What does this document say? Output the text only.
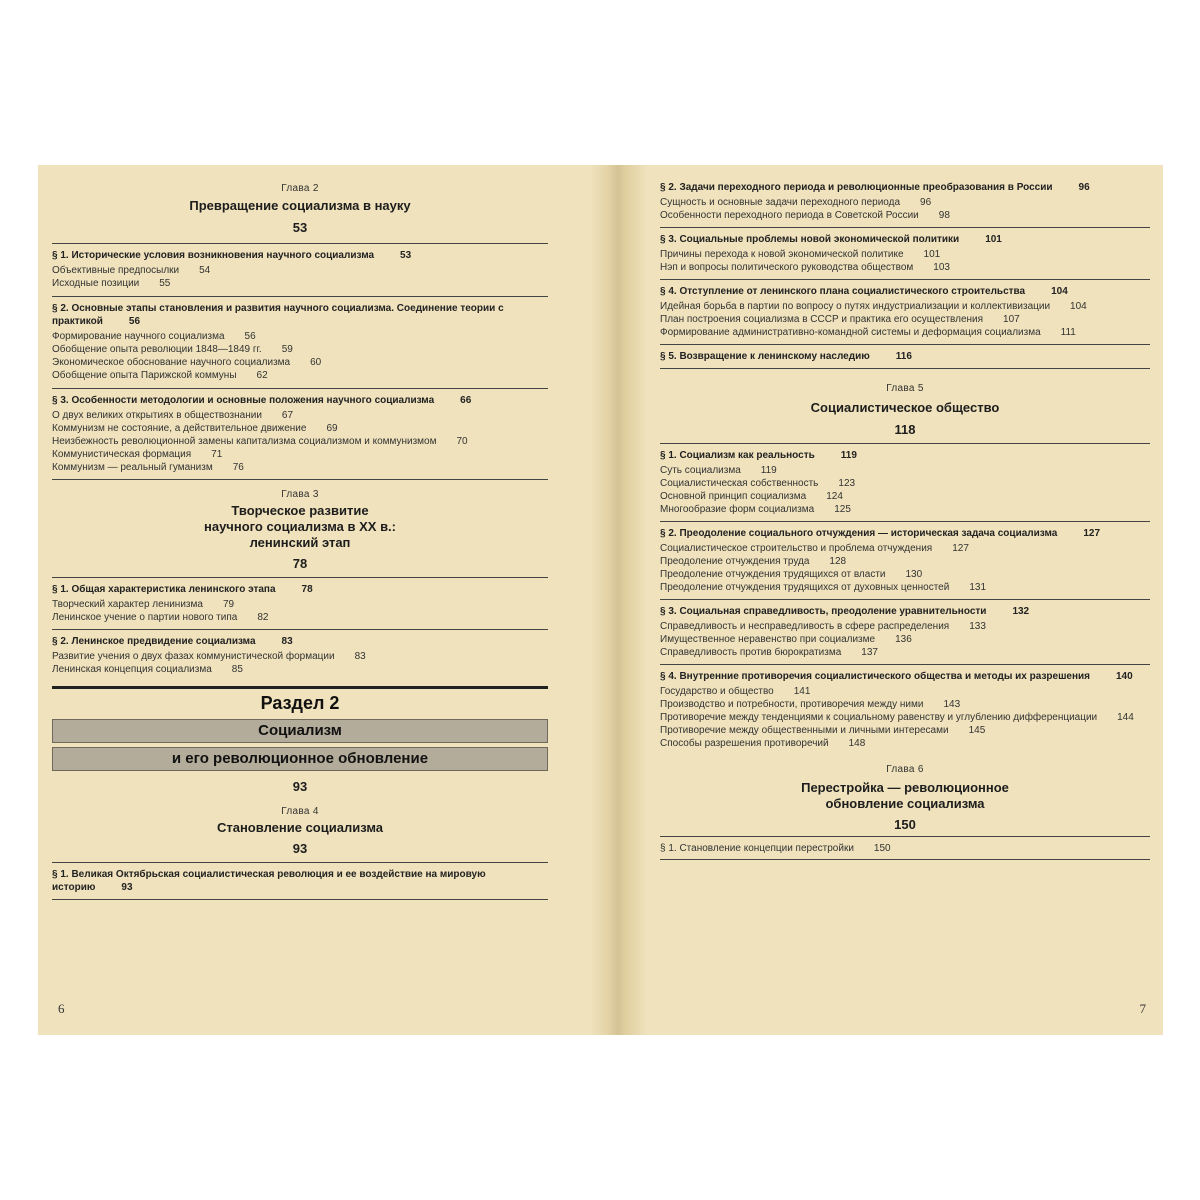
Глава 2
Превращение социализма в науку
53
§ 1. Исторические условия возникновения научного социализма	53
Объективные предпосылки 54
Исходные позиции 55
§ 2. Основные этапы становления и развития научного социализма. Соединение теории с практикой	56
Формирование научного социализма 56
Обобщение опыта революции 1848—1849 гг. 59
Экономическое обоснование научного социализма 60
Обобщение опыта Парижской коммуны 62
§ 3. Особенности методологии и основные положения научного социализма	66
О двух великих открытиях в обществознании 67
Коммунизм не состояние, а действительное движение 69
Неизбежность революционной замены капитализма социализмом и коммунизмом 70
Коммунистическая формация 71
Коммунизм — реальный гуманизм 76
Глава 3
Творческое развитие
научного социализма в XX в.:
ленинский этап
78
§ 1. Общая характеристика ленинского этапа	78
Творческий характер ленинизма 79
Ленинское учение о партии нового типа 82
§ 2. Ленинское предвидение социализма	83
Развитие учения о двух фазах коммунистической формации 83
Ленинская концепция социализма 85
Раздел 2
Социализм
и его революционное обновление
93
Глава 4
Становление социализма
93
§ 1. Великая Октябрьская социалистическая революция и ее воздействие на мировую историю	93
6
§ 2. Задачи переходного периода и революционные преобразования в России	96
Сущность и основные задачи переходного периода 96
Особенности переходного периода в Советской России 98
§ 3. Социальные проблемы новой экономической политики	101
Причины перехода к новой экономической политике 101
Нэп и вопросы политического руководства обществом 103
§ 4. Отступление от ленинского плана социалистического строительства	104
Идейная борьба в партии по вопросу о путях индустриализации и коллективизации 104
План построения социализма в СССР и практика его осуществления 107
Формирование административно-командной системы и деформация социализма 111
§ 5. Возвращение к ленинскому наследию	116
Глава 5
Социалистическое общество
118
§ 1. Социализм как реальность	119
Суть социализма 119
Социалистическая собственность 123
Основной принцип социализма 124
Многообразие форм социализма 125
§ 2. Преодоление социального отчуждения — историческая задача социализма	127
Социалистическое строительство и проблема отчуждения 127
Преодоление отчуждения труда 128
Преодоление отчуждения трудящихся от власти 130
Преодоление отчуждения трудящихся от духовных ценностей 131
§ 3. Социальная справедливость, преодоление уравнительности	132
Справедливость и несправедливость в сфере распределения 133
Имущественное неравенство при социализме 136
Справедливость против бюрократизма 137
§ 4. Внутренние противоречия социалистического общества и методы их разрешения	140
Государство и общество 141
Производство и потребности, противоречия между ними 143
Противоречие между тенденциями к социальному равенству и углублению дифференциации 144
Противоречие между общественными и личными интересами 145
Способы разрешения противоречий 148
Глава 6
Перестройка — революционное
обновление социализма
150
§ 1. Становление концепции перестройки 150
7
